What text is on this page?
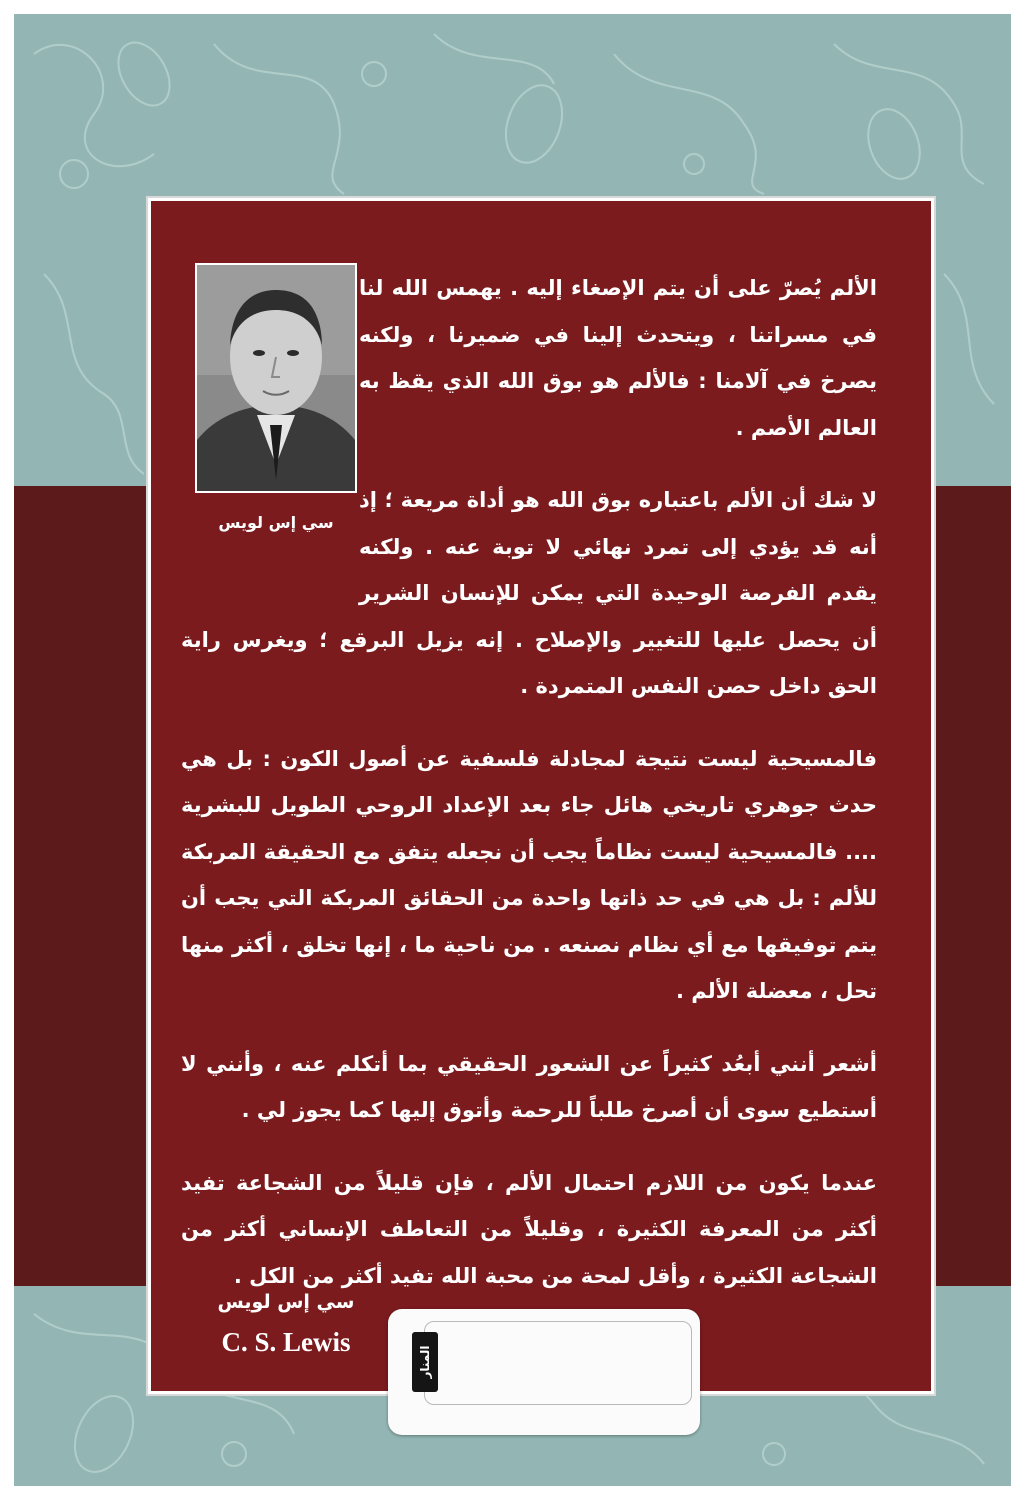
سي إس لويس

الألم يُصرّ على أن يتم الإصغاء إليه . يهمس الله لنا في مسراتنا ، ويتحدث إلينا في ضميرنا ، ولكنه يصرخ في آلامنا : فالألم هو بوق الله الذي يقظ به العالم الأصم .

لا شك أن الألم باعتباره بوق الله هو أداة مريعة ؛ إذ أنه قد يؤدي إلى تمرد نهائي لا توبة عنه . ولكنه يقدم الفرصة الوحيدة التي يمكن للإنسان الشرير أن يحصل عليها للتغيير والإصلاح . إنه يزيل البرقع ؛ ويغرس راية الحق داخل حصن النفس المتمردة .

فالمسيحية ليست نتيجة لمجادلة فلسفية عن أصول الكون : بل هي حدث جوهري تاريخي هائل جاء بعد الإعداد الروحي الطويل للبشرية .... فالمسيحية ليست نظاماً يجب أن نجعله يتفق مع الحقيقة المربكة للألم : بل هي في حد ذاتها واحدة من الحقائق المربكة التي يجب أن يتم توفيقها مع أي نظام نصنعه . من ناحية ما ، إنها تخلق ، أكثر منها تحل ، معضلة الألم .

أشعر أنني أبعُد كثيراً عن الشعور الحقيقي بما أتكلم عنه ، وأنني لا أستطيع سوى أن أصرخ طلباً للرحمة وأتوق إليها كما يجوز لي .

عندما يكون من اللازم احتمال الألم ، فإن قليلاً من الشجاعة تفيد أكثر من المعرفة الكثيرة ، وقليلاً من التعاطف الإنساني أكثر من الشجاعة الكثيرة ، وأقل لمحة من محبة الله تفيد أكثر من الكل .

سي إس لويس
C. S. Lewis
المنار
